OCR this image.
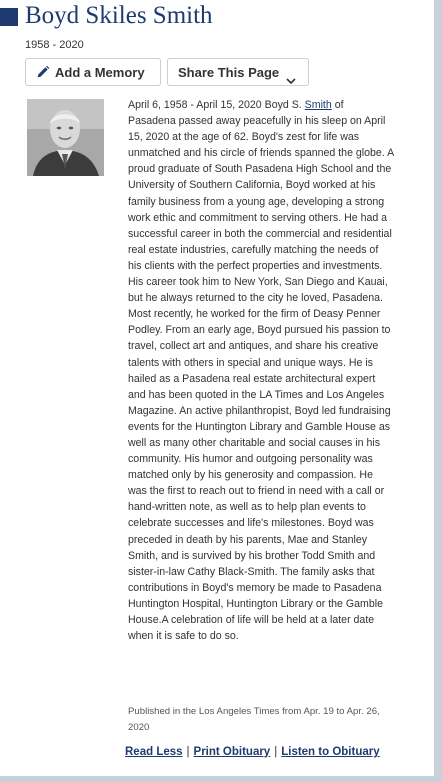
Boyd Skiles Smith
1958 - 2020
Add a Memory	Share This Page

April 6, 1958 - April 15, 2020 Boyd S. Smith of Pasadena passed away peacefully in his sleep on April 15, 2020 at the age of 62. Boyd's zest for life was unmatched and his circle of friends spanned the globe. A proud graduate of South Pasadena High School and the University of Southern California, Boyd worked at his family business from a young age, developing a strong work ethic and commitment to serving others. He had a successful career in both the commercial and residential real estate industries, carefully matching the needs of his clients with the perfect properties and investments. His career took him to New York, San Diego and Kauai, but he always returned to the city he loved, Pasadena. Most recently, he worked for the firm of Deasy Penner Podley. From an early age, Boyd pursued his passion to travel, collect art and antiques, and share his creative talents with others in special and unique ways. He is hailed as a Pasadena real estate architectural expert and has been quoted in the LA Times and Los Angeles Magazine. An active philanthropist, Boyd led fundraising events for the Huntington Library and Gamble House as well as many other charitable and social causes in his community. His humor and outgoing personality was matched only by his generosity and compassion. He was the first to reach out to friend in need with a call or hand-written note, as well as to help plan events to celebrate successes and life's milestones. Boyd was preceded in death by his parents, Mae and Stanley Smith, and is survived by his brother Todd Smith and sister-in-law Cathy Black-Smith. The family asks that contributions in Boyd's memory be made to Pasadena Huntington Hospital, Huntington Library or the Gamble House.A celebration of life will be held at a later date when it is safe to do so.

Published in the Los Angeles Times from Apr. 19 to Apr. 26, 2020

Read Less | Print Obituary | Listen to Obituary
